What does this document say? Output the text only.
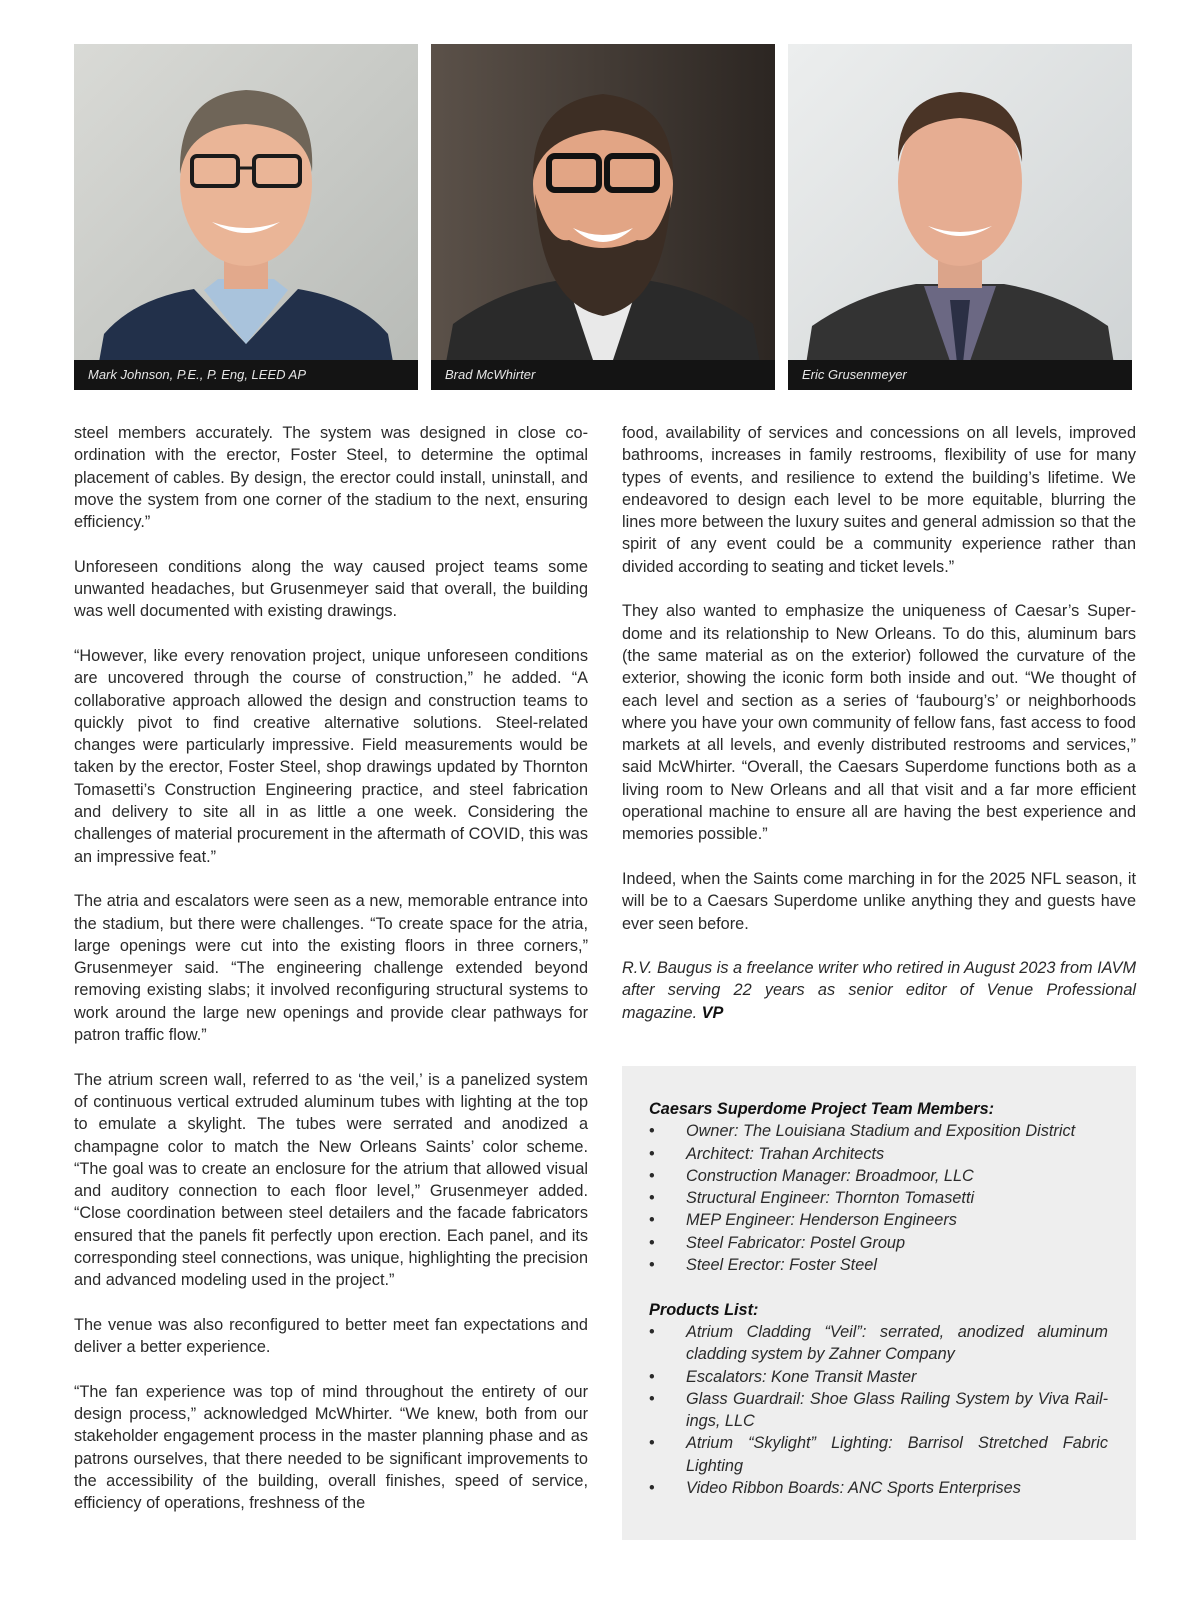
Mark Johnson, P.E., P. Eng, LEED AP	Brad McWhirter	Eric Grusenmeyer

steel members accurately. The system was designed in close coordination with the erector, Foster Steel, to determine the optimal placement of cables. By design, the erector could install, uninstall, and move the system from one corner of the stadium to the next, ensuring efficiency.”

Unforeseen conditions along the way caused project teams some unwanted headaches, but Grusenmeyer said that overall, the building was well documented with existing drawings.

“However, like every renovation project, unique unforeseen conditions are uncovered through the course of construction,” he added. “A collaborative approach allowed the design and construction teams to quickly pivot to find creative alternative solutions. Steel-related changes were particularly impressive. Field measurements would be taken by the erector, Foster Steel, shop drawings updated by Thornton Tomasetti’s Construction Engineering practice, and steel fabrication and delivery to site all in as little a one week. Considering the challenges of material procurement in the aftermath of COVID, this was an impressive feat.”

The atria and escalators were seen as a new, memorable entrance into the stadium, but there were challenges. “To create space for the atria, large openings were cut into the existing floors in three corners,” Grusenmeyer said. “The engineering challenge extended beyond removing existing slabs; it involved reconfiguring structural systems to work around the large new openings and provide clear pathways for patron traffic flow.”

The atrium screen wall, referred to as ‘the veil,’ is a panelized system of continuous vertical extruded aluminum tubes with lighting at the top to emulate a skylight. The tubes were serrated and anodized a champagne color to match the New Orleans Saints’ color scheme. “The goal was to create an enclosure for the atrium that allowed visual and auditory connection to each floor level,” Grusenmeyer added. “Close coordination between steel detailers and the facade fabricators ensured that the panels fit perfectly upon erection. Each panel, and its corresponding steel connections, was unique, highlighting the precision and advanced modeling used in the project.”

The venue was also reconfigured to better meet fan expectations and deliver a better experience.

“The fan experience was top of mind throughout the entirety of our design process,” acknowledged McWhirter. “We knew, both from our stakeholder engagement process in the master planning phase and as patrons ourselves, that there needed to be significant improvements to the accessibility of the building, overall finishes, speed of service, efficiency of operations, freshness of the

food, availability of services and concessions on all levels, improved bathrooms, increases in family restrooms, flexibility of use for many types of events, and resilience to extend the building’s lifetime. We endeavored to design each level to be more equitable, blurring the lines more between the luxury suites and general admission so that the spirit of any event could be a community experience rather than divided according to seating and ticket levels.”

They also wanted to emphasize the uniqueness of Caesar’s Superdome and its relationship to New Orleans. To do this, aluminum bars (the same material as on the exterior) followed the curvature of the exterior, showing the iconic form both inside and out. “We thought of each level and section as a series of ‘faubourg’s’ or neighborhoods where you have your own community of fellow fans, fast access to food markets at all levels, and evenly distributed restrooms and services,” said McWhirter. “Overall, the Caesars Superdome functions both as a living room to New Orleans and all that visit and a far more efficient operational machine to ensure all are having the best experience and memories possible.”

Indeed, when the Saints come marching in for the 2025 NFL season, it will be to a Caesars Superdome unlike anything they and guests have ever seen before.

R.V. Baugus is a freelance writer who retired in August 2023 from IAVM after serving 22 years as senior editor of Venue Professional magazine. VP

Caesars Superdome Project Team Members:
• Owner: The Louisiana Stadium and Exposition District
• Architect: Trahan Architects
• Construction Manager: Broadmoor, LLC
• Structural Engineer: Thornton Tomasetti
• MEP Engineer: Henderson Engineers
• Steel Fabricator: Postel Group
• Steel Erector: Foster Steel
Products List:
• Atrium Cladding “Veil”: serrated, anodized aluminum cladding system by Zahner Company
• Escalators: Kone Transit Master
• Glass Guardrail: Shoe Glass Railing System by Viva Railings, LLC
• Atrium “Skylight” Lighting: Barrisol Stretched Fabric Lighting
• Video Ribbon Boards: ANC Sports Enterprises
